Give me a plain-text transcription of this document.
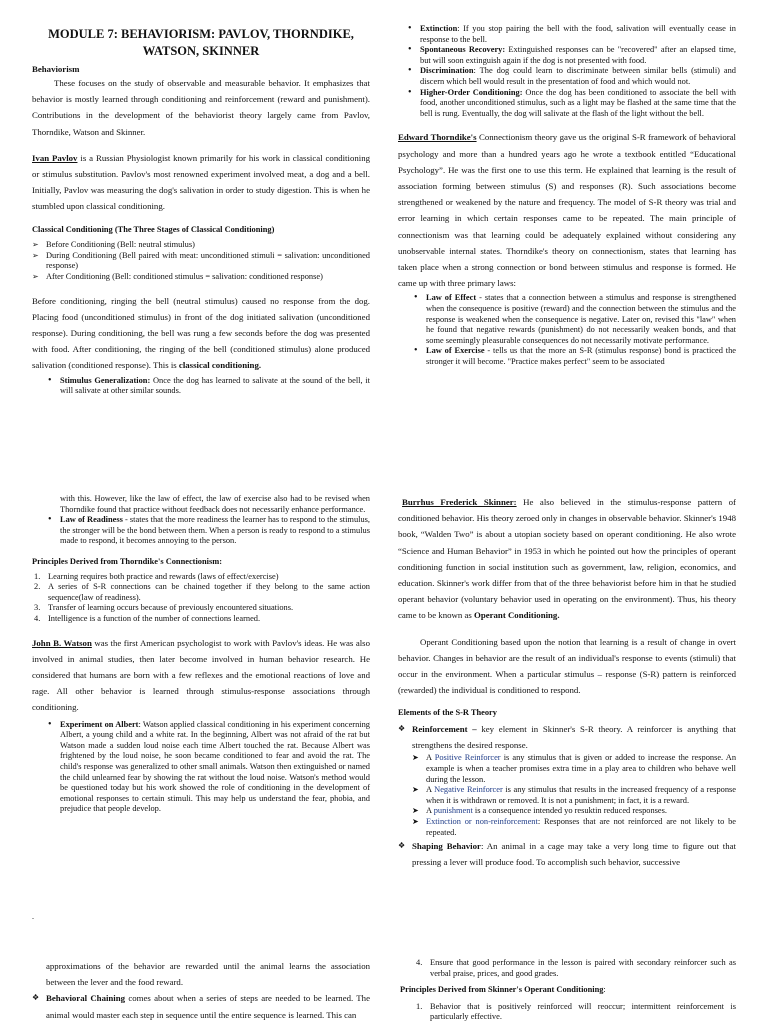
MODULE 7: BEHAVIORISM: PAVLOV, THORNDIKE, WATSON, SKINNER
Behaviorism

These focuses on the study of observable and measurable behavior. It emphasizes that behavior is mostly learned through conditioning and reinforcement (reward and punishment). Contributions in the development of the behaviorist theory largely came from Pavlov, Thorndike, Watson and Skinner.

Ivan Pavlov is a Russian Physiologist known primarily for his work in classical conditioning or stimulus substitution. Pavlov's most renowned experiment involved meat, a dog and a bell. Initially, Pavlov was measuring the dog's salivation in order to study digestion. This is when he stumbled upon classical conditioning.

Classical Conditioning (The Three Stages of Classical Conditioning)
➢ Before Conditioning (Bell: neutral stimulus)
➢ During Conditioning (Bell paired with meat: unconditioned stimuli = salivation: unconditioned response)
➢ After Conditioning (Bell: conditioned stimulus = salivation: conditioned response)

Before conditioning, ringing the bell (neutral stimulus) caused no response from the dog. Placing food (unconditioned stimulus) in front of the dog initiated salivation (unconditioned response). During conditioning, the bell was rung a few seconds before the dog was presented with food. After conditioning, the ringing of the bell (conditioned stimulus) alone produced salivation (conditioned response). This is classical conditioning.

• Stimulus Generalization: Once the dog has learned to salivate at the sound of the bell, it will salivate at other similar sounds.
• Extinction: If you stop pairing the bell with the food, salivation will eventually cease in response to the bell.
• Spontaneous Recovery: Extinguished responses can be "recovered" after an elapsed time, but will soon extinguish again if the dog is not presented with food.
• Discrimination: The dog could learn to discriminate between similar bells (stimuli) and discern which bell would result in the presentation of food and which would not.
• Higher-Order Conditioning: Once the dog has been conditioned to associate the bell with food, another unconditioned stimulus, such as a light may be flashed at the same time that the bell is rung. Eventually, the dog will salivate at the flash of the light without the bell.

Edward Thorndike's Connectionism theory gave us the original S-R framework of behavioral psychology and more than a hundred years ago he wrote a textbook entitled “Educational Psychology”. He was the first one to use this term. He explained that learning is the result of association forming between stimulus (S) and responses (R). Such associations become strengthened or weakened by the nature and frequency. The model of S-R theory was trial and error learning in which certain responses came to be repeated. The main principle of connectionism was that learning could be adequately explained without considering any unobservable internal states. Thorndike's theory on connectionism, states that learning has taken place when a strong connection or bond between stimulus and response is formed. He came up with three primary laws:

• Law of Effect - states that a connection between a stimulus and response is strengthened when the consequence is positive (reward) and the connection between the stimulus and the response is weakened when the consequence is negative. Later on, revised this "law" when he found that negative rewards (punishment) do not necessarily weaken bonds, and that some seemingly pleasurable consequences do not necessarily motivate performance.
• Law of Exercise - tells us that the more an S-R (stimulus response) bond is practiced the stronger it will become. "Practice makes perfect" seem to be associated

with this. However, like the law of effect, the law of exercise also had to be revised when Thorndike found that practice without feedback does not necessarily enhance performance.

• Law of Readiness - states that the more readiness the learner has to respond to the stimulus, the stronger will be the bond between them. When a person is ready to respond to a stimulus made to respond, it becomes annoying to the person.
Principles Derived from Thorndike's Connectionism:
1. Learning requires both practice and rewards (laws of effect/exercise)
2. A series of S-R connections can be chained together if they belong to the same action sequence(law of readiness).
3. Transfer of learning occurs because of previously encountered situations.
4. Intelligence is a function of the number of connections learned.

John B. Watson was the first American psychologist to work with Pavlov's ideas. He was also involved in animal studies, then later become involved in human behavior research. He considered that humans are born with a few reflexes and the emotional reactions of love and rage. All other behavior is learned through stimulus-response associations through conditioning.

• Experiment on Albert: Watson applied classical conditioning in his experiment concerning Albert, a young child and a white rat. In the beginning, Albert was not afraid of the rat but Watson made a sudden loud noise each time Albert touched the rat. Because Albert was frightened by the loud noise, he soon became conditioned to fear and avoid the rat. The child's response was generalized to other small animals. Watson then extinguished or named the child unlearned fear by showing the rat without the loud noise. Watson's method would be questioned today but his work showed the role of conditioning in the development of emotional responses to certain stimuli. This may help us understand the fear, phobia, and prejudice that people develop.

Burrhus Frederick Skinner: He also believed in the stimulus-response pattern of conditioned behavior. His theory zeroed only in changes in observable behavior. Skinner's 1948 book, “Walden Two” is about a utopian society based on operant conditioning. He also wrote “Science and Human Behavior” in 1953 in which he pointed out how the principles of operant conditioning function in social institution such as government, law, religion, economics, and education. Skinner's work differ from that of the three behaviorist before him in that he studied operant behavior (voluntary behavior used in operating on the environment). Thus, his theory came to be known as Operant Conditioning.

Operant Conditioning based upon the notion that learning is a result of change in overt behavior. Changes in behavior are the result of an individual's response to events (stimuli) that occur in the environment. When a particular stimulus – response (S-R) pattern is reinforced (rewarded) the individual is conditioned to respond.

Elements of the S-R Theory
❖ Reinforcement – key element in Skinner's S-R theory. A reinforcer is anything that strengthens the desired response.
➤ A Positive Reinforcer is any stimulus that is given or added to increase the response. An example is when a teacher promises extra time in a play area to children who behave well during the lesson.
➤ A Negative Reinforcer is any stimulus that results in the increased frequency of a response when it is withdrawn or removed. It is not a punishment; in fact, it is a reward.
➤ A punishment is a consequence intended yo resuktin reduced responses.
➤ Extinction or non-reinforcement: Responses that are not reinforced are not likely to be repeated.
❖ Shaping Behavior: An animal in a cage may take a very long time to figure out that pressing a lever will produce food. To accomplish such behavior, successive
.

approximations of the behavior are rewarded until the animal learns the association between the lever and the food reward.

❖ Behavioral Chaining comes about when a series of steps are needed to be learned. The animal would master each step in sequence until the entire sequence is learned. This can
4. Ensure that good performance in the lesson is paired with secondary reinforcer such as verbal praise, prices, and good grades.
Principles Derived from Skinner's Operant Conditioning:
1. Behavior that is positively reinforced will reoccur; intermittent reinforcement is particularly effective.
